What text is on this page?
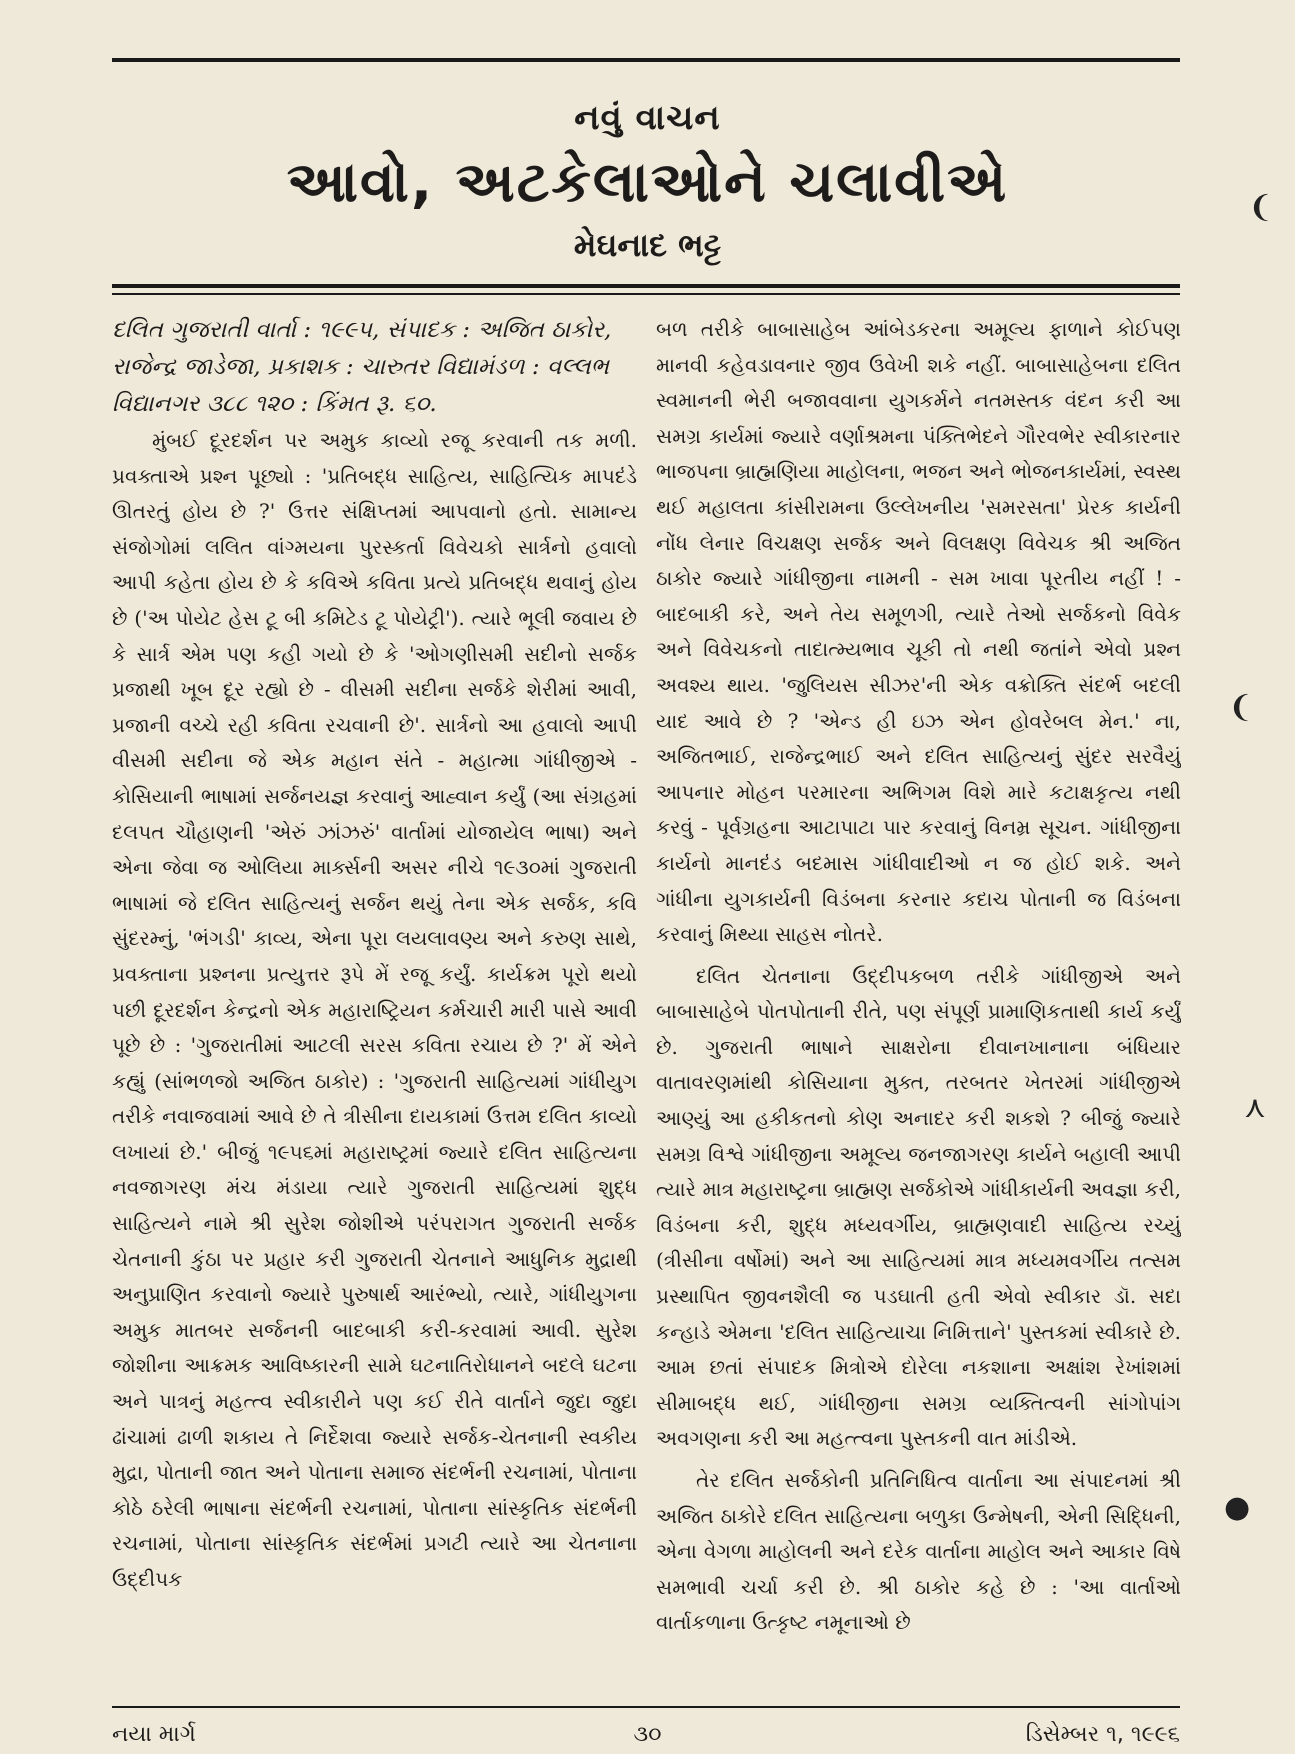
નવું વાચન
આવો, અટકેલાઓને ચલાવીએ
મેઘનાદ ભટ્ટ

દલિત ગુજરાતી વાર્તા : ૧૯૯૫, સંપાદક : અજિત ઠાકોર, રાજેન્દ્ર જાડેજા, પ્રકાશક : ચારુતર વિદ્યામંડળ : વલ્લભ વિદ્યાનગર ૩૮૮ ૧૨૦ : કિંમત રૂ. ૬૦.

મુંબઈ દૂરદર્શન પર અમુક કાવ્યો રજૂ કરવાની તક મળી. પ્રવક્તાએ પ્રશ્ન પૂછ્યો : 'પ્રતિબદ્ધ સાહિત્ય, સાહિત્યિક માપદંડે ઊતરતું હોય છે ?' ઉત્તર સંક્ષિપ્તમાં આપવાનો હતો. સામાન્ય સંજોગોમાં લલિત વાંગ્મયના પુરસ્કર્તા વિવેચકો સાર્ત્રનો હવાલો આપી કહેતા હોય છે કે કવિએ કવિતા પ્રત્યે પ્રતિબદ્ધ થવાનું હોય છે ('અ પોયેટ હેસ ટૂ બી કમિટેડ ટૂ પોયેટ્રી'). ત્યારે ભૂલી જવાય છે કે સાર્ત્ર એમ પણ કહી ગયો છે કે 'ઓગણીસમી સદીનો સર્જક પ્રજાથી ખૂબ દૂર રહ્યો છે - વીસમી સદીના સર્જકે શેરીમાં આવી, પ્રજાની વચ્ચે રહી કવિતા રચવાની છે'. સાર્ત્રનો આ હવાલો આપી વીસમી સદીના જે એક મહાન સંતે - મહાત્મા ગાંધીજીએ - કોસિયાની ભાષામાં સર્જનયજ્ઞ કરવાનું આહ્વાન કર્યું (આ સંગ્રહમાં દલપત ચૌહાણની 'એરું ઝાંઝરું' વાર્તામાં યોજાયેલ ભાષા) અને એના જેવા જ ઓલિયા માર્ક્સની અસર નીચે ૧૯૩૦માં ગુજરાતી ભાષામાં જે દલિત સાહિત્યનું સર્જન થયું તેના એક સર્જક, કવિ સુંદરમ્નું, 'ભંગડી' કાવ્ય, એના પૂરા લયલાવણ્ય અને કરુણ સાથે, પ્રવક્તાના પ્રશ્નના પ્રત્યુત્તર રૂપે મેં રજૂ કર્યું. કાર્યક્રમ પૂરો થયો પછી દૂરદર્શન કેન્દ્રનો એક મહારાષ્ટ્રિયન કર્મચારી મારી પાસે આવી પૂછે છે : 'ગુજરાતીમાં આટલી સરસ કવિતા રચાય છે ?' મેં એને કહ્યું (સાંભળજો અજિત ઠાકોર) : 'ગુજરાતી સાહિત્યમાં ગાંધીયુગ તરીકે નવાજવામાં આવે છે તે ત્રીસીના દાયકામાં ઉત્તમ દલિત કાવ્યો લખાયાં છે.' બીજું ૧૯૫૬માં મહારાષ્ટ્રમાં જ્યારે દલિત સાહિત્યના નવજાગરણ મંચ મંડાયા ત્યારે ગુજરાતી સાહિત્યમાં શુદ્ધ સાહિત્યને નામે શ્રી સુરેશ જોશીએ પરંપરાગત ગુજરાતી સર્જક ચેતનાની કુંઠા પર પ્રહાર કરી ગુજરાતી ચેતનાને આધુનિક મુદ્રાથી અનુપ્રાણિત કરવાનો જ્યારે પુરુષાર્થ આરંભ્યો, ત્યારે, ગાંધીયુગના અમુક માતબર સર્જનની બાદબાકી કરી-કરવામાં આવી. સુરેશ જોશીના આક્રમક આવિષ્કારની સામે ઘટનાતિરોધાનને બદલે ઘટના અને પાત્રનું મહત્ત્વ સ્વીકારીને પણ કઈ રીતે વાર્તાને જુદા જુદા ઢાંચામાં ઢાળી શકાય તે નિર્દેશવા જ્યારે સર્જક-ચેતનાની સ્વકીય મુદ્રા, પોતાની જાત અને પોતાના સમાજ સંદર્ભની રચનામાં, પોતાના કોઠે ઠરેલી ભાષાના સંદર્ભની રચનામાં, પોતાના સાંસ્કૃતિક સંદર્ભની રચનામાં, પોતાના સાંસ્કૃતિક સંદર્ભમાં પ્રગટી ત્યારે આ ચેતનાના ઉદ્દીપક

બળ તરીકે બાબાસાહેબ આંબેડકરના અમૂલ્ય ફાળાને કોઈપણ માનવી કહેવડાવનાર જીવ ઉવેખી શકે નહીં. બાબાસાહેબના દલિત સ્વમાનની ભેરી બજાવવાના યુગકર્મને નતમસ્તક વંદન કરી આ સમગ્ર કાર્યમાં જ્યારે વર્ણાશ્રમના પંક્તિભેદને ગૌરવભેર સ્વીકારનાર ભાજપના બ્રાહ્મણિયા માહોલના, ભજન અને ભોજનકાર્યમાં, સ્વસ્થ થઈ મહાલતા કાંસીરામના ઉલ્લેખનીય 'સમરસતા' પ્રેરક કાર્યની નોંધ લેનાર વિચક્ષણ સર્જક અને વિલક્ષણ વિવેચક શ્રી અજિત ઠાકોર જ્યારે ગાંધીજીના નામની - સમ ખાવા પૂરતીય નહીં ! - બાદબાકી કરે, અને તેય સમૂળગી, ત્યારે તેઓ સર્જકનો વિવેક અને વિવેચકનો તાદાત્મ્યભાવ ચૂકી તો નથી જતાંને એવો પ્રશ્ન અવશ્ય થાય. 'જુલિયસ સીઝર'ની એક વક્રોક્તિ સંદર્ભ બદલી યાદ આવે છે ? 'એન્ડ હી ઇઝ એન હોવરેબલ મેન.' ના, અજિતભાઈ, રાજેન્દ્રભાઈ અને દલિત સાહિત્યનું સુંદર સરવૈયું આપનાર મોહન પરમારના અભિગમ વિશે મારે કટાક્ષકૃત્ય નથી કરવું - પૂર્વગ્રહના આટાપાટા પાર કરવાનું વિનમ્ર સૂચન. ગાંધીજીના કાર્યનો માનદંડ બદમાસ ગાંધીવાદીઓ ન જ હોઈ શકે. અને ગાંધીના યુગકાર્યની વિડંબના કરનાર કદાચ પોતાની જ વિડંબના કરવાનું મિથ્યા સાહસ નોતરે.

દલિત ચેતનાના ઉદ્દીપકબળ તરીકે ગાંધીજીએ અને બાબાસાહેબે પોતપોતાની રીતે, પણ સંપૂર્ણ પ્રામાણિકતાથી કાર્ય કર્યું છે. ગુજરાતી ભાષાને સાક્ષરોના દીવાનખાનાના બંધિયાર વાતાવરણમાંથી કોસિયાના મુક્ત, તરબતર ખેતરમાં ગાંધીજીએ આણ્યું આ હકીકતનો કોણ અનાદર કરી શકશે ? બીજું જ્યારે સમગ્ર વિશ્વે ગાંધીજીના અમૂલ્ય જનજાગરણ કાર્યને બહાલી આપી ત્યારે માત્ર મહારાષ્ટ્રના બ્રાહ્મણ સર્જકોએ ગાંધીકાર્યની અવજ્ઞા કરી, વિડંબના કરી, શુદ્ધ મધ્યવર્ગીય, બ્રાહ્મણવાદી સાહિત્ય રચ્યું (ત્રીસીના વર્ષોમાં) અને આ સાહિત્યમાં માત્ર મધ્યમવર્ગીય તત્સમ પ્રસ્થાપિત જીવનશૈલી જ પડઘાતી હતી એવો સ્વીકાર ડૉ. સદા કન્હાડે એમના 'દલિત સાહિત્યાચા નિમિત્તાને' પુસ્તકમાં સ્વીકારે છે. આમ છતાં સંપાદક મિત્રોએ દોરેલા નકશાના અક્ષાંશ રેખાંશમાં સીમાબદ્ધ થઈ, ગાંધીજીના સમગ્ર વ્યક્તિત્વની સાંગોપાંગ અવગણના કરી આ મહત્ત્વના પુસ્તકની વાત માંડીએ.

તેર દલિત સર્જકોની પ્રતિનિધિત્વ વાર્તાના આ સંપાદનમાં શ્રી અજિત ઠાકોરે દલિત સાહિત્યના બળુકા ઉન્મેષની, એની સિદ્ધિની, એના વેગળા માહોલની અને દરેક વાર્તાના માહોલ અને આકાર વિષે સમભાવી ચર્ચા કરી છે. શ્રી ઠાકોર કહે છે : 'આ વાર્તાઓ વાર્તાકળાના ઉત્કૃષ્ટ નમૂનાઓ છે

નયા માર્ગ	૩૦	ડિસેમ્બર ૧, ૧૯૯૬
❨
❨
⋏
●
